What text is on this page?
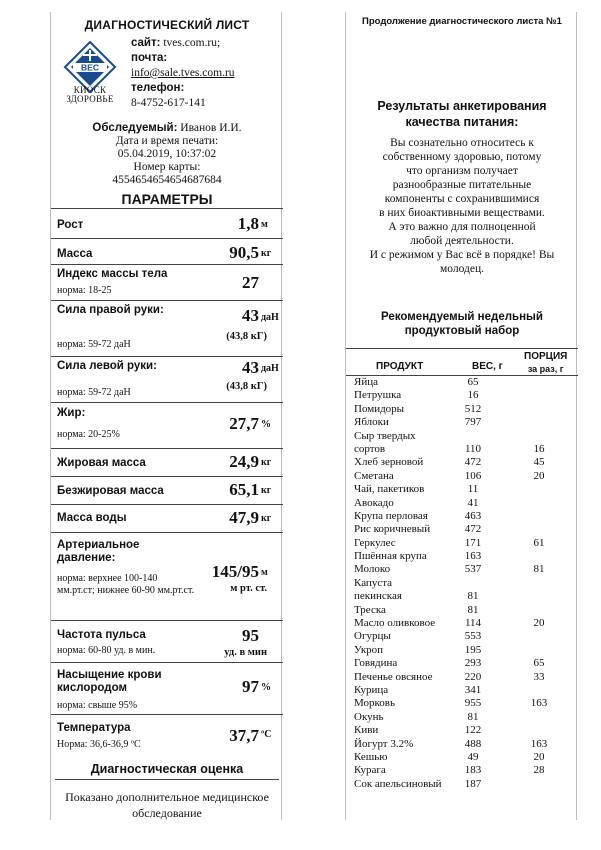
ДИАГНОСТИЧЕСКИЙ ЛИСТ
ВЕС
КИОСК
ЗДОРОВЬЕ
сайт: tves.com.ru;
почта:
info@sale.tves.com.ru
телефон:
8-4752-617-141
Обследуемый: Иванов И.И.
Дата и время печати:
05.04.2019, 10:37:02
Номер карты:
4554654654654687684
ПАРАМЕТРЫ
Рост	1,8 м
Масса	90,5 кг
Индекс массы тела
норма: 18-25	27
Сила правой руки:
норма: 59-72 даН
43 даН
(43,8 кГ)
Сила левой руки:
норма: 59-72 даН
43 даН
(43,8 кГ)
Жир:
норма: 20-25%
27,7 %
Жировая масса	24,9 кг
Безжировая масса	65,1 кг
Масса воды	47,9 кг
Артериальное давление:
норма: верхнее 100-140 мм.рт.ст; нижнее 60-90 мм.рт.ст.
145/95 м
м рт. ст.
Частота пульса
норма: 60-80 уд. в мин.
95
уд. в мин
Насыщение крови кислородом
норма: свыше 95%
97 %
Температура
Норма: 36,6-36,9 ºС	37,7 ºС
Диагностическая оценка
Показано дополнительное медицинское обследование
Продолжение диагностического листа №1
Результаты анкетирования
качества питания:
Вы сознательно относитесь к
собственному здоровью, потому
что организм получает
разнообразные питательные
компоненты с сохранившимися
в них биоактивными веществами.
А это важно для полноценной
любой деятельности.
И с режимом у Вас всё в порядке! Вы
молодец.
Рекомендуемый недельный
продуктовый набор
ПРОДУКТ	ВЕС, г
ПОРЦИЯ
за раз, г
Яйца	65
Петрушка	16
Помидоры	512
Яблоки	797
Сыр твердых
сортов	110	16
Хлеб зерновой	472	45
Сметана	106	20
Чай, пакетиков	11
Авокадо	41
Крупа перловая	463
Рис коричневый	472
Геркулес	171	61
Пшённая крупа	163
Молоко	537	81
Капуста
пекинская	81
Треска	81
Масло оливковое	114	20
Огурцы	553
Укроп	195
Говядина	293	65
Печенье овсяное	220	33
Курица	341
Морковь	955	163
Окунь	81
Киви	122
Йогурт 3.2%	488	163
Кешью	49	20
Курага	183	28
Сок апельсиновый	187
